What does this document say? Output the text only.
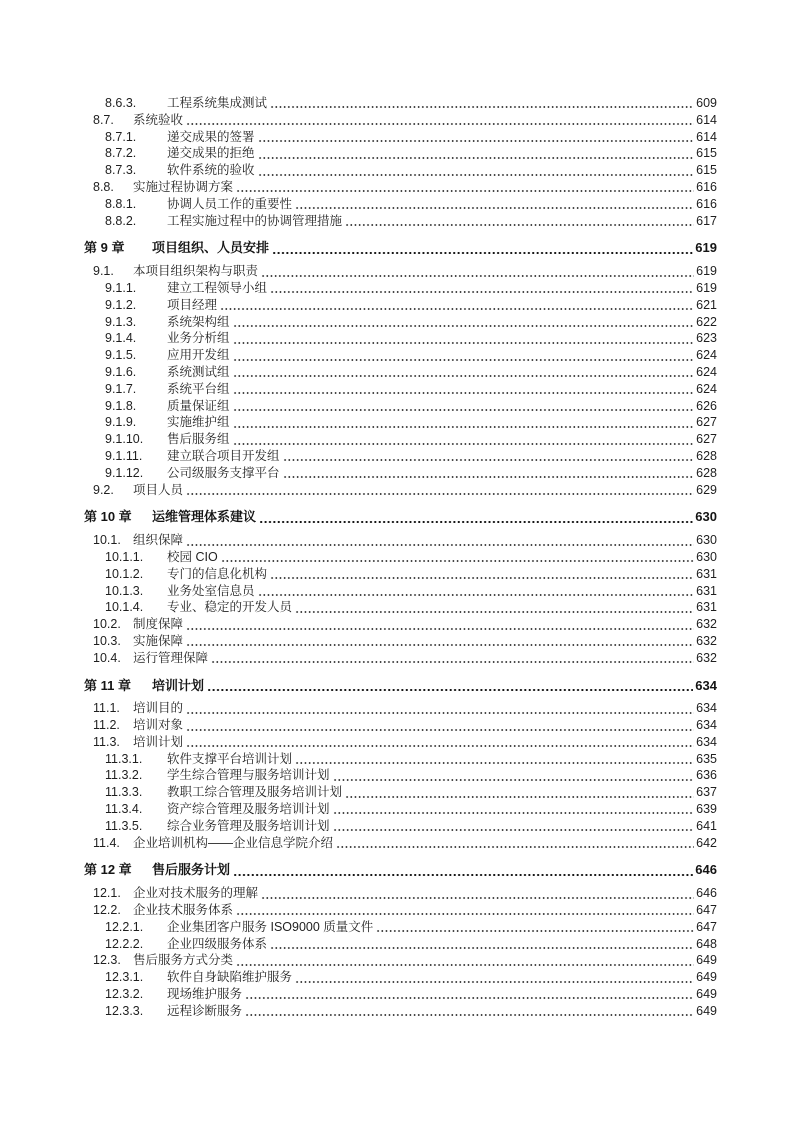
8.6.3.	工程系统集成测试	609
8.7.	系统验收	614
8.7.1.	递交成果的签署	614
8.7.2.	递交成果的拒绝	615
8.7.3.	软件系统的验收	615
8.8.	实施过程协调方案	616
8.8.1.	协调人员工作的重要性	616
8.8.2.	工程实施过程中的协调管理措施	617
第 9 章	项目组织、人员安排	619
9.1.	本项目组织架构与职责	619
9.1.1.	建立工程领导小组	619
9.1.2.	项目经理	621
9.1.3.	系统架构组	622
9.1.4.	业务分析组	623
9.1.5.	应用开发组	624
9.1.6.	系统测试组	624
9.1.7.	系统平台组	624
9.1.8.	质量保证组	626
9.1.9.	实施维护组	627
9.1.10.	售后服务组	627
9.1.11.	建立联合项目开发组	628
9.1.12.	公司级服务支撑平台	628
9.2.	项目人员	629
第 10 章	运维管理体系建议	630
10.1. 组织保障	630
10.1.1.	校园 CIO	630
10.1.2.	专门的信息化机构	631
10.1.3.	业务处室信息员	631
10.1.4.	专业、稳定的开发人员	631
10.2. 制度保障	632
10.3. 实施保障	632
10.4. 运行管理保障	632
第 11 章	培训计划	634
11.1. 培训目的	634
11.2. 培训对象	634
11.3. 培训计划	634
11.3.1.	软件支撑平台培训计划	635
11.3.2.	学生综合管理与服务培训计划	636
11.3.3.	教职工综合管理及服务培训计划	637
11.3.4.	资产综合管理及服务培训计划	639
11.3.5.	综合业务管理及服务培训计划	641
11.4. 企业培训机构——企业信息学院介绍	642
第 12 章	售后服务计划	646
12.1. 企业对技术服务的理解	646
12.2. 企业技术服务体系	647
12.2.1.	企业集团客户服务 ISO9000 质量文件	647
12.2.2.	企业四级服务体系	648
12.3. 售后服务方式分类	649
12.3.1.	软件自身缺陷维护服务	649
12.3.2.	现场维护服务	649
12.3.3.	远程诊断服务	649
